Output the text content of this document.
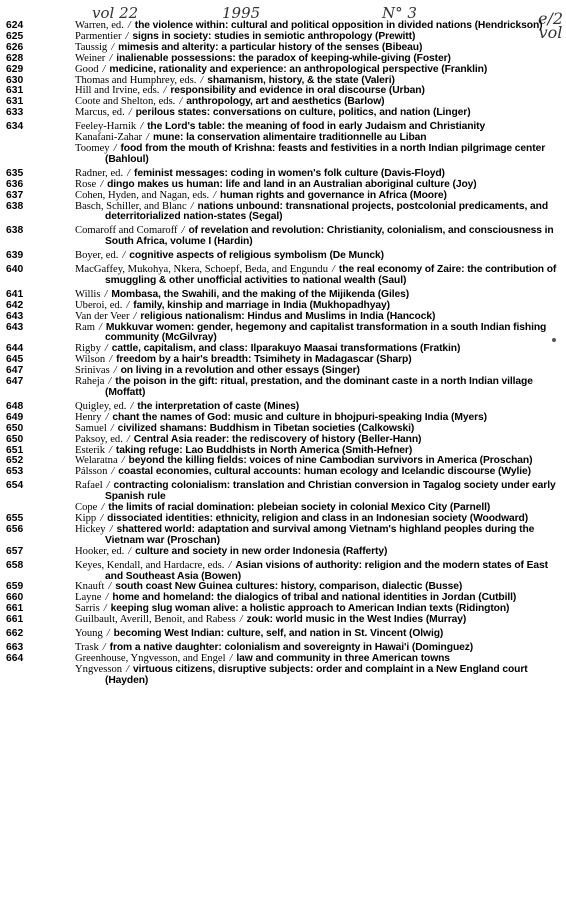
vol 22	1995	N° 3	e/2 vol
624	Warren, ed. / the violence within: cultural and political opposition in divided nations (Hendrickson)
625	Parmentier / signs in society: studies in semiotic anthropology (Prewitt)
626	Taussig / mimesis and alterity: a particular history of the senses (Bibeau)
628	Weiner / inalienable possessions: the paradox of keeping-while-giving (Foster)
629	Good / medicine, rationality and experience: an anthropological perspective (Franklin)
630	Thomas and Humphrey, eds. / shamanism, history, & the state (Valeri)
631	Hill and Irvine, eds. / responsibility and evidence in oral discourse (Urban)
631	Coote and Shelton, eds. / anthropology, art and aesthetics (Barlow)
633	Marcus, ed. / perilous states: conversations on culture, politics, and nation (Linger)
634	Feeley-Harnik / the Lord's table: the meaning of food in early Judaism and Christianity
Kanafani-Zahar / mune: la conservation alimentaire traditionnelle au Liban
Toomey / food from the mouth of Krishna: feasts and festivities in a north Indian pilgrimage center (Bahloul)
635	Radner, ed. / feminist messages: coding in women's folk culture (Davis-Floyd)
636	Rose / dingo makes us human: life and land in an Australian aboriginal culture (Joy)
637	Cohen, Hyden, and Nagan, eds. / human rights and governance in Africa (Moore)
638	Basch, Schiller, and Blanc / nations unbound: transnational projects, postcolonial predicaments, and deterritorialized nation-states (Segal)
638	Comaroff and Comaroff / of revelation and revolution: Christianity, colonialism, and consciousness in South Africa, volume I (Hardin)
639	Boyer, ed. / cognitive aspects of religious symbolism (De Munck)
640	MacGaffey, Mukohya, Nkera, Schoepf, Beda, and Engundu / the real economy of Zaire: the contribution of smuggling & other unofficial activities to national wealth (Saul)
641	Willis / Mombasa, the Swahili, and the making of the Mijikenda (Giles)
642	Uberoi, ed. / family, kinship and marriage in India (Mukhopadhyay)
643	Van der Veer / religious nationalism: Hindus and Muslims in India (Hancock)
643	Ram / Mukkuvar women: gender, hegemony and capitalist transformation in a south Indian fishing community (McGilvray)
644	Rigby / cattle, capitalism, and class: Ilparakuyo Maasai transformations (Fratkin)
645	Wilson / freedom by a hair's breadth: Tsimihety in Madagascar (Sharp)
647	Srinivas / on living in a revolution and other essays (Singer)
647	Raheja / the poison in the gift: ritual, prestation, and the dominant caste in a north Indian village (Moffatt)
648	Quigley, ed. / the interpretation of caste (Mines)
649	Henry / chant the names of God: music and culture in bhojpuri-speaking India (Myers)
650	Samuel / civilized shamans: Buddhism in Tibetan societies (Calkowski)
650	Paksoy, ed. / Central Asia reader: the rediscovery of history (Beller-Hann)
651	Esterik / taking refuge: Lao Buddhists in North America (Smith-Hefner)
652	Welaratna / beyond the killing fields: voices of nine Cambodian survivors in America (Proschan)
653	Pálsson / coastal economies, cultural accounts: human ecology and Icelandic discourse (Wylie)
654	Rafael / contracting colonialism: translation and Christian conversion in Tagalog society under early Spanish rule
Cope / the limits of racial domination: plebeian society in colonial Mexico City (Parnell)
655	Kipp / dissociated identities: ethnicity, religion and class in an Indonesian society (Woodward)
656	Hickey / shattered world: adaptation and survival among Vietnam's highland peoples during the Vietnam war (Proschan)
657	Hooker, ed. / culture and society in new order Indonesia (Rafferty)
658	Keyes, Kendall, and Hardacre, eds. / Asian visions of authority: religion and the modern states of East and Southeast Asia (Bowen)
659	Knauft / south coast New Guinea cultures: history, comparison, dialectic (Busse)
660	Layne / home and homeland: the dialogics of tribal and national identities in Jordan (Cutbill)
661	Sarris / keeping slug woman alive: a holistic approach to American Indian texts (Ridington)
661	Guilbault, Averill, Benoit, and Rabess / zouk: world music in the West Indies (Murray)
662	Young / becoming West Indian: culture, self, and nation in St. Vincent (Olwig)
663	Trask / from a native daughter: colonialism and sovereignty in Hawai'i (Dominguez)
664	Greenhouse, Yngvesson, and Engel / law and community in three American towns
Yngvesson / virtuous citizens, disruptive subjects: order and complaint in a New England court (Hayden)
